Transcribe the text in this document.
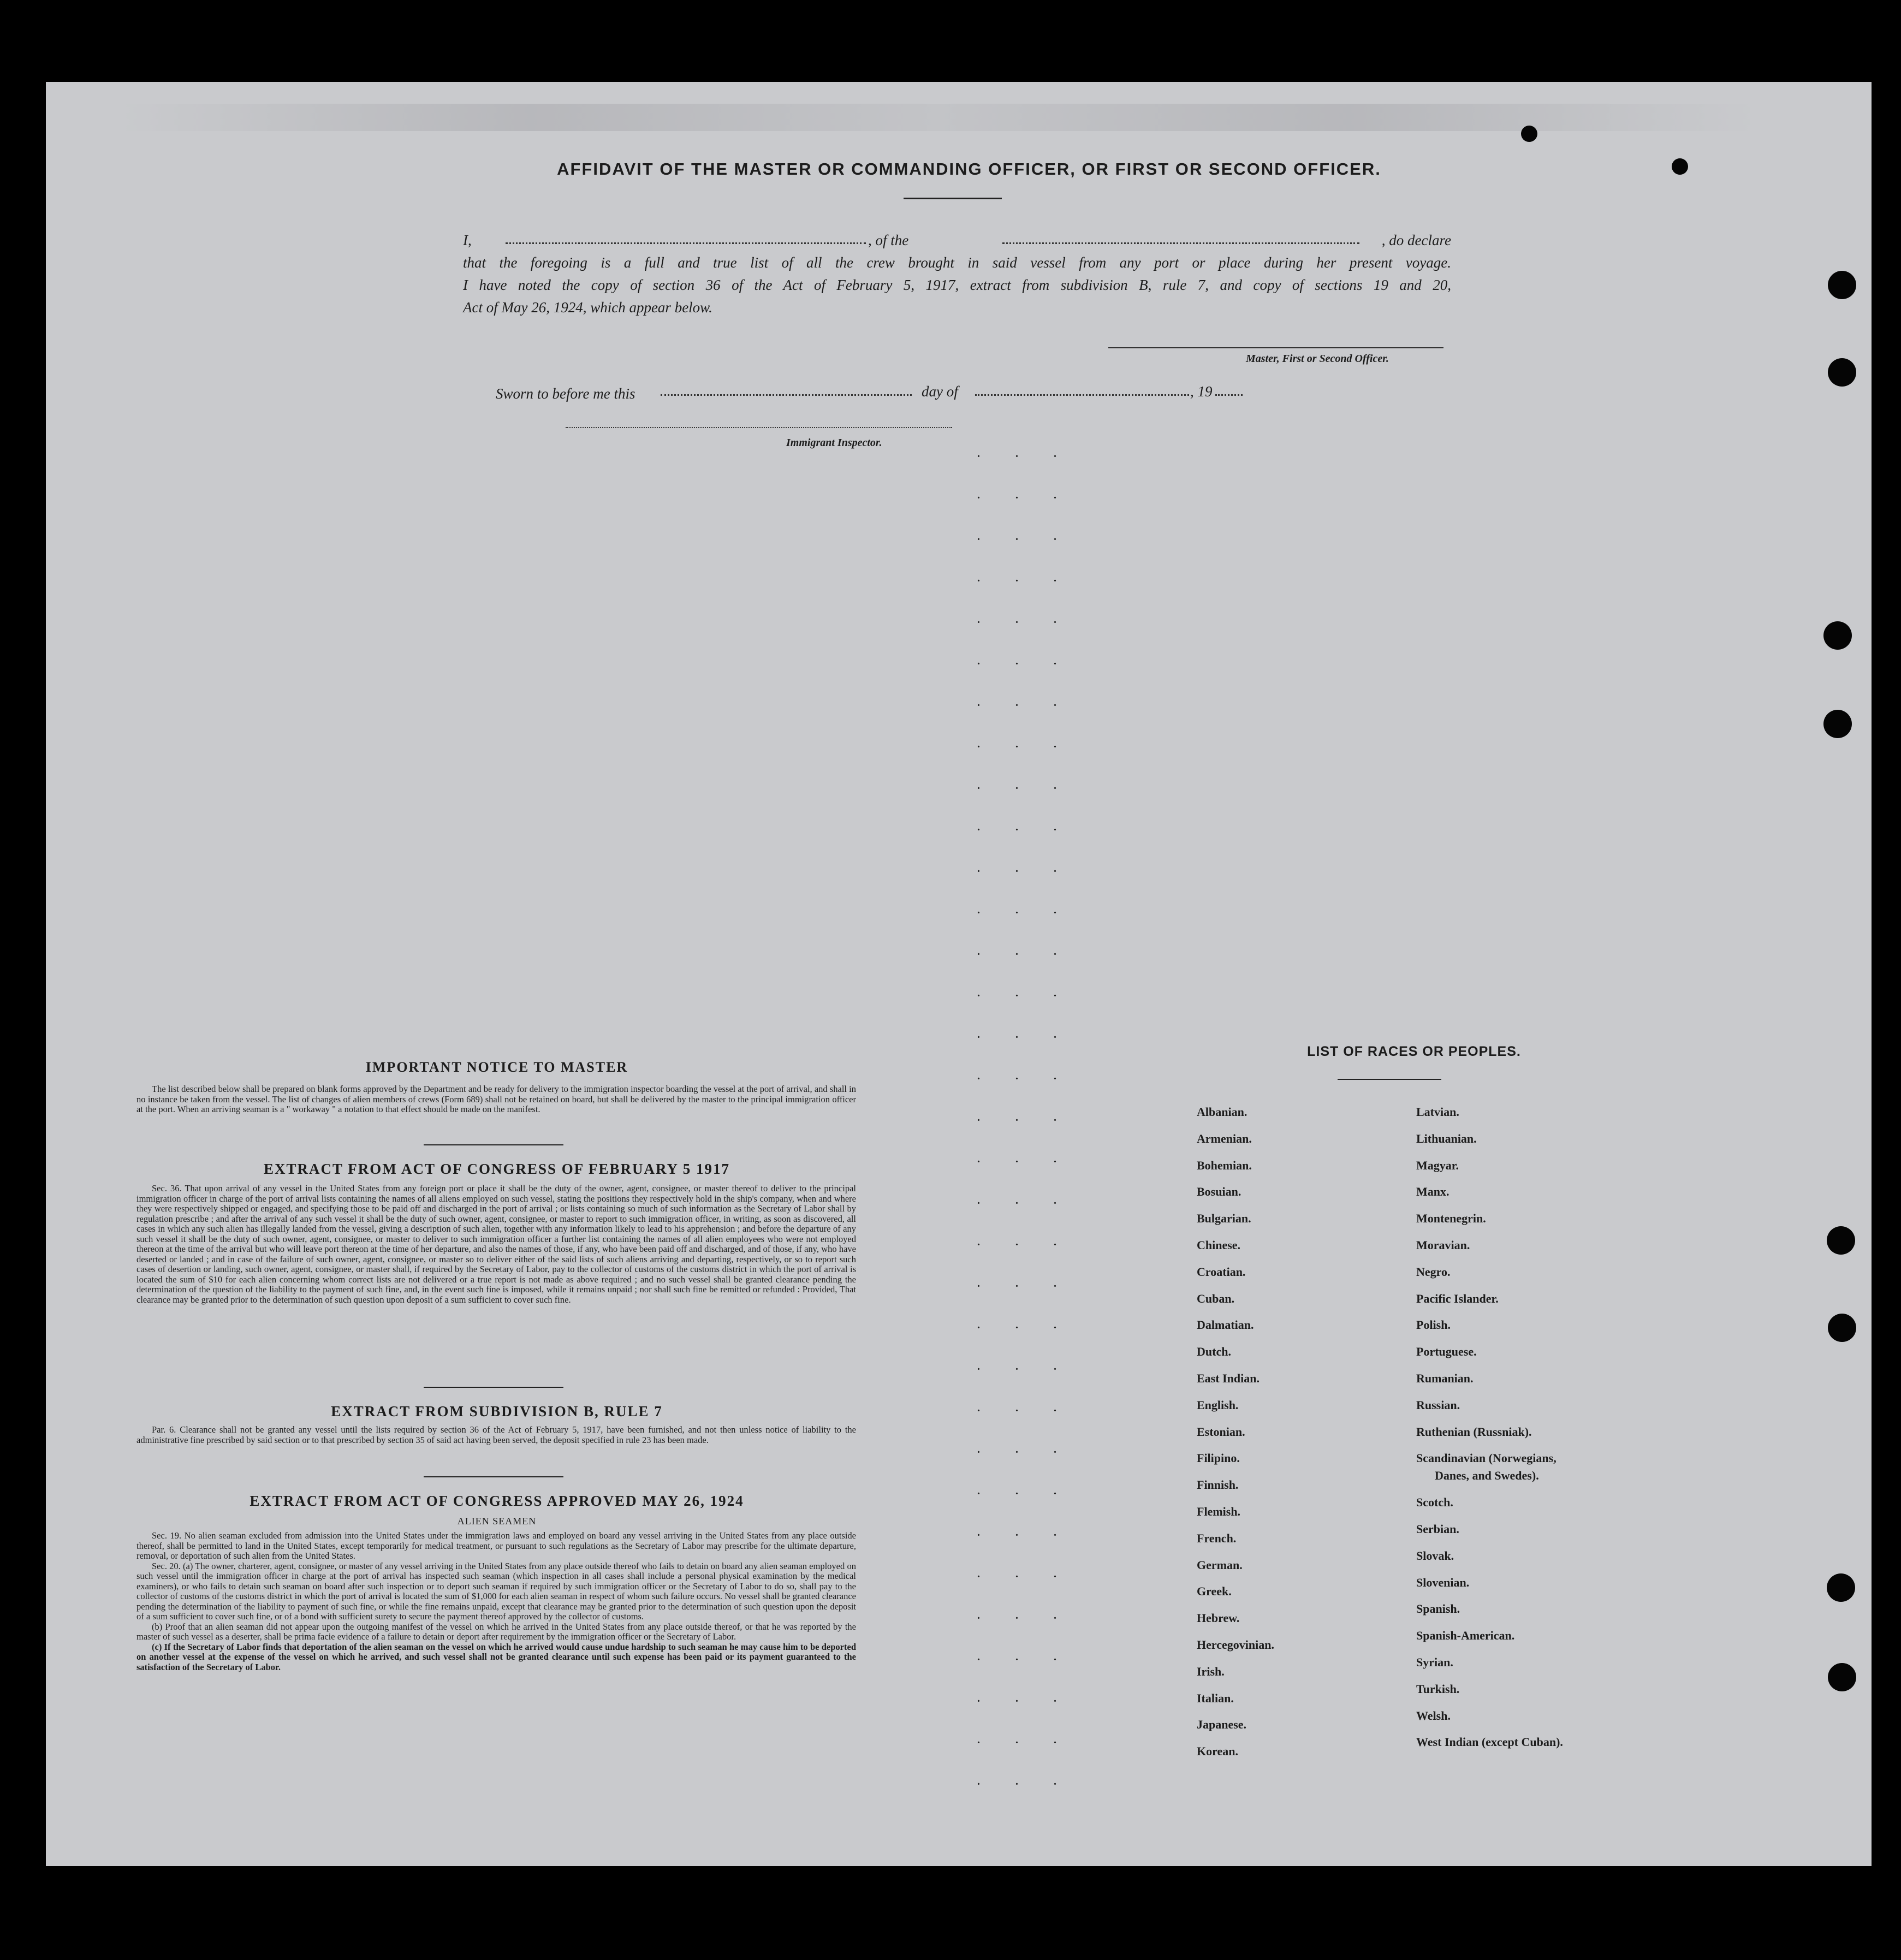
AFFIDAVIT OF THE MASTER OR COMMANDING OFFICER, OR FIRST OR SECOND OFFICER.

I,	, of the	, do declare

that the foregoing is a full and true list of all the crew brought in said vessel from any port or place during her present voyage.

I have noted the copy of section 36 of the Act of February 5, 1917, extract from subdivision B, rule 7, and copy of sections 19 and 20,

Act of May 26, 1924, which appear below.

Master, First or Second Officer.
Sworn to before me this	day of	, 19
Immigrant Inspector.
IMPORTANT NOTICE TO MASTER

The list described below shall be prepared on blank forms approved by the Department and be ready for delivery to the immigration inspector boarding the vessel at the port of arrival, and shall in no instance be taken from the vessel. The list of changes of alien members of crews (Form 689) shall not be retained on board, but shall be delivered by the master to the principal immigration officer at the port. When an arriving seaman is a " workaway " a notation to that effect should be made on the manifest.

EXTRACT FROM ACT OF CONGRESS OF FEBRUARY 5 1917

Sec. 36. That upon arrival of any vessel in the United States from any foreign port or place it shall be the duty of the owner, agent, consignee, or master thereof to deliver to the principal immigration officer in charge of the port of arrival lists containing the names of all aliens employed on such vessel, stating the positions they respectively hold in the ship's company, when and where they were respectively shipped or engaged, and specifying those to be paid off and discharged in the port of arrival ; or lists containing so much of such information as the Secretary of Labor shall by regulation prescribe ; and after the arrival of any such vessel it shall be the duty of such owner, agent, consignee, or master to report to such immigration officer, in writing, as soon as discovered, all cases in which any such alien has illegally landed from the vessel, giving a description of such alien, together with any information likely to lead to his apprehension ; and before the departure of any such vessel it shall be the duty of such owner, agent, consignee, or master to deliver to such immigration officer a further list containing the names of all alien employees who were not employed thereon at the time of the arrival but who will leave port thereon at the time of her departure, and also the names of those, if any, who have been paid off and discharged, and of those, if any, who have deserted or landed ; and in case of the failure of such owner, agent, consignee, or master so to deliver either of the said lists of such aliens arriving and departing, respectively, or so to report such cases of desertion or landing, such owner, agent, consignee, or master shall, if required by the Secretary of Labor, pay to the collector of customs of the customs district in which the port of arrival is located the sum of $10 for each alien concerning whom correct lists are not delivered or a true report is not made as above required ; and no such vessel shall be granted clearance pending the determination of the question of the liability to the payment of such fine, and, in the event such fine is imposed, while it remains unpaid ; nor shall such fine be remitted or refunded : Provided, That clearance may be granted prior to the determination of such question upon deposit of a sum sufficient to cover such fine.

EXTRACT FROM SUBDIVISION B, RULE 7

Par. 6. Clearance shall not be granted any vessel until the lists required by section 36 of the Act of February 5, 1917, have been furnished, and not then unless notice of liability to the administrative fine prescribed by said section or to that prescribed by section 35 of said act having been served, the deposit specified in rule 23 has been made.

EXTRACT FROM ACT OF CONGRESS APPROVED MAY 26, 1924
ALIEN SEAMEN

Sec. 19. No alien seaman excluded from admission into the United States under the immigration laws and employed on board any vessel arriving in the United States from any place outside thereof, shall be permitted to land in the United States, except temporarily for medical treatment, or pursuant to such regulations as the Secretary of Labor may prescribe for the ultimate departure, removal, or deportation of such alien from the United States.

Sec. 20. (a) The owner, charterer, agent, consignee, or master of any vessel arriving in the United States from any place outside thereof who fails to detain on board any alien seaman employed on such vessel until the immigration officer in charge at the port of arrival has inspected such seaman (which inspection in all cases shall include a personal physical examination by the medical examiners), or who fails to detain such seaman on board after such inspection or to deport such seaman if required by such immigration officer or the Secretary of Labor to do so, shall pay to the collector of customs of the customs district in which the port of arrival is located the sum of $1,000 for each alien seaman in respect of whom such failure occurs. No vessel shall be granted clearance pending the determination of the liability to payment of such fine, or while the fine remains unpaid, except that clearance may be granted prior to the determination of such question upon the deposit of a sum sufficient to cover such fine, or of a bond with sufficient surety to secure the payment thereof approved by the collector of customs.

(b) Proof that an alien seaman did not appear upon the outgoing manifest of the vessel on which he arrived in the United States from any place outside thereof, or that he was reported by the master of such vessel as a deserter, shall be prima facie evidence of a failure to detain or deport after requirement by the immigration officer or the Secretary of Labor.

(c) If the Secretary of Labor finds that deportation of the alien seaman on the vessel on which he arrived would cause undue hardship to such seaman he may cause him to be deported on another vessel at the expense of the vessel on which he arrived, and such vessel shall not be granted clearance until such expense has been paid or its payment guaranteed to the satisfaction of the Secretary of Labor.

LIST OF RACES OR PEOPLES.
Albanian.
Armenian.
Bohemian.
Bosuian.
Bulgarian.
Chinese.
Croatian.
Cuban.
Dalmatian.
Dutch.
East Indian.
English.
Estonian.
Filipino.
Finnish.
Flemish.
French.
German.
Greek.
Hebrew.
Hercegovinian.
Irish.
Italian.
Japanese.
Korean.
Latvian.
Lithuanian.
Magyar.
Manx.
Montenegrin.
Moravian.
Negro.
Pacific Islander.
Polish.
Portuguese.
Rumanian.
Russian.
Ruthenian (Russniak).
Scandinavian (Norwegians,
Danes, and Swedes).
Scotch.
Serbian.
Slovak.
Slovenian.
Spanish.
Spanish-American.
Syrian.
Turkish.
Welsh.
West Indian (except Cuban).
. . .
. . .
. . .
. . .
. . .
. . .
. . .
. . .
. . .
. . .
. . .
. . .
. . .
. . .
. . .
. . .
. . .
. . .
. . .
. . .
. . .
. . .
. . .
. . .
. . .
. . .
. . .
. . .
. . .
. . .
. . .
. . .
. . .
